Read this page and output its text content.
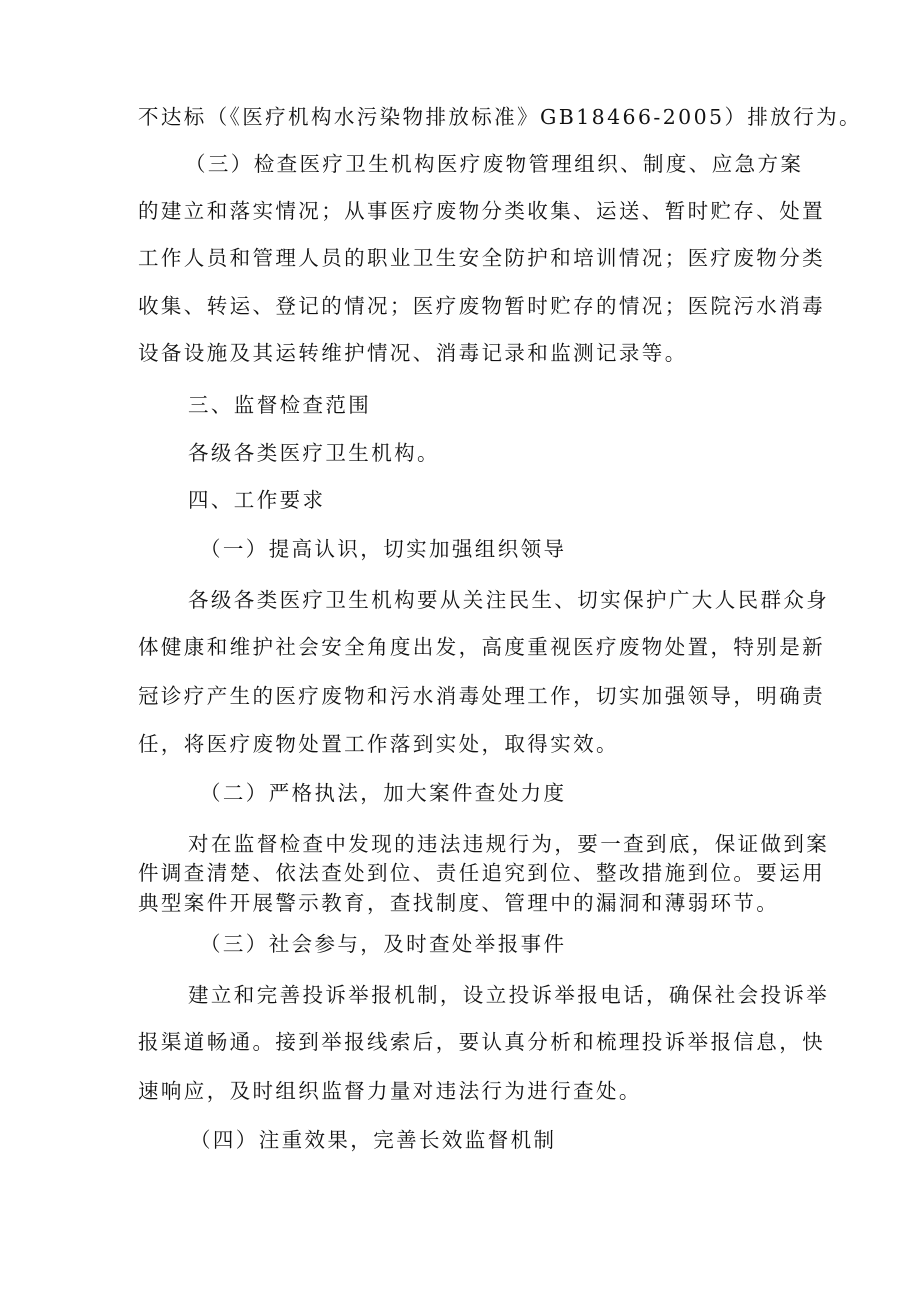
不达标（《医疗机构水污染物排放标准》GB18466-2005）排放行为。
（三）检查医疗卫生机构医疗废物管理组织、制度、应急方案
的建立和落实情况；从事医疗废物分类收集、运送、暂时贮存、处置
工作人员和管理人员的职业卫生安全防护和培训情况；医疗废物分类
收集、转运、登记的情况；医疗废物暂时贮存的情况；医院污水消毒
设备设施及其运转维护情况、消毒记录和监测记录等。
三、监督检查范围
各级各类医疗卫生机构。
四、工作要求
（一）提高认识，切实加强组织领导
各级各类医疗卫生机构要从关注民生、切实保护广大人民群众身
体健康和维护社会安全角度出发，高度重视医疗废物处置，特别是新
冠诊疗产生的医疗废物和污水消毒处理工作，切实加强领导，明确责
任，将医疗废物处置工作落到实处，取得实效。
（二）严格执法，加大案件查处力度
对在监督检查中发现的违法违规行为，要一查到底，保证做到案
件调查清楚、依法查处到位、责任追究到位、整改措施到位。要运用
典型案件开展警示教育，查找制度、管理中的漏洞和薄弱环节。
（三）社会参与，及时查处举报事件
建立和完善投诉举报机制，设立投诉举报电话，确保社会投诉举
报渠道畅通。接到举报线索后，要认真分析和梳理投诉举报信息，快
速响应，及时组织监督力量对违法行为进行查处。
（四）注重效果，完善长效监督机制
